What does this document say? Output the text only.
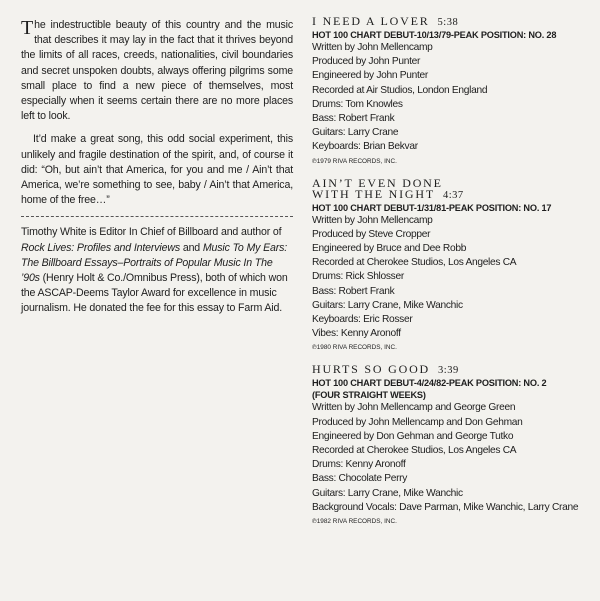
The indestructible beauty of this country and the music that describes it may lay in the fact that it thrives beyond the limits of all races, creeds, nationalities, civil boundaries and secret unspoken doubts, always offering pilgrims some small place to find a new piece of themselves, most especially when it seems certain there are no more places left to look.

It’d make a great song, this odd social experiment, this unlikely and fragile destination of the spirit, and, of course it did: “Oh, but ain’t that America, for you and me / Ain’t that America, we’re something to see, baby / Ain’t that America, home of the free…”

Timothy White is Editor In Chief of Billboard and author of Rock Lives: Profiles and Interviews and Music To My Ears: The Billboard Essays–Portraits of Popular Music In The ’90s (Henry Holt & Co./Omnibus Press), both of which won the ASCAP-Deems Taylor Award for excellence in music journalism. He donated the fee for this essay to Farm Aid.

I NEED A LOVER 5:38
HOT 100 CHART DEBUT-10/13/79-PEAK POSITION: NO. 28
Written by John Mellencamp
Produced by John Punter
Engineered by John Punter
Recorded at Air Studios, London England
Drums: Tom Knowles
Bass: Robert Frank
Guitars: Larry Crane
Keyboards: Brian Bekvar
℗1979 RIVA RECORDS, INC.
AIN’T EVEN DONE
WITH THE NIGHT 4:37
HOT 100 CHART DEBUT-1/31/81-PEAK POSITION: NO. 17
Written by John Mellencamp
Produced by Steve Cropper
Engineered by Bruce and Dee Robb
Recorded at Cherokee Studios, Los Angeles CA
Drums: Rick Shlosser
Bass: Robert Frank
Guitars: Larry Crane, Mike Wanchic
Keyboards: Eric Rosser
Vibes: Kenny Aronoff
℗1980 RIVA RECORDS, INC.
HURTS SO GOOD 3:39
HOT 100 CHART DEBUT-4/24/82-PEAK POSITION: NO. 2
(FOUR STRAIGHT WEEKS)
Written by John Mellencamp and George Green
Produced by John Mellencamp and Don Gehman
Engineered by Don Gehman and George Tutko
Recorded at Cherokee Studios, Los Angeles CA
Drums: Kenny Aronoff
Bass: Chocolate Perry
Guitars: Larry Crane, Mike Wanchic
Background Vocals: Dave Parman, Mike Wanchic, Larry Crane
℗1982 RIVA RECORDS, INC.
